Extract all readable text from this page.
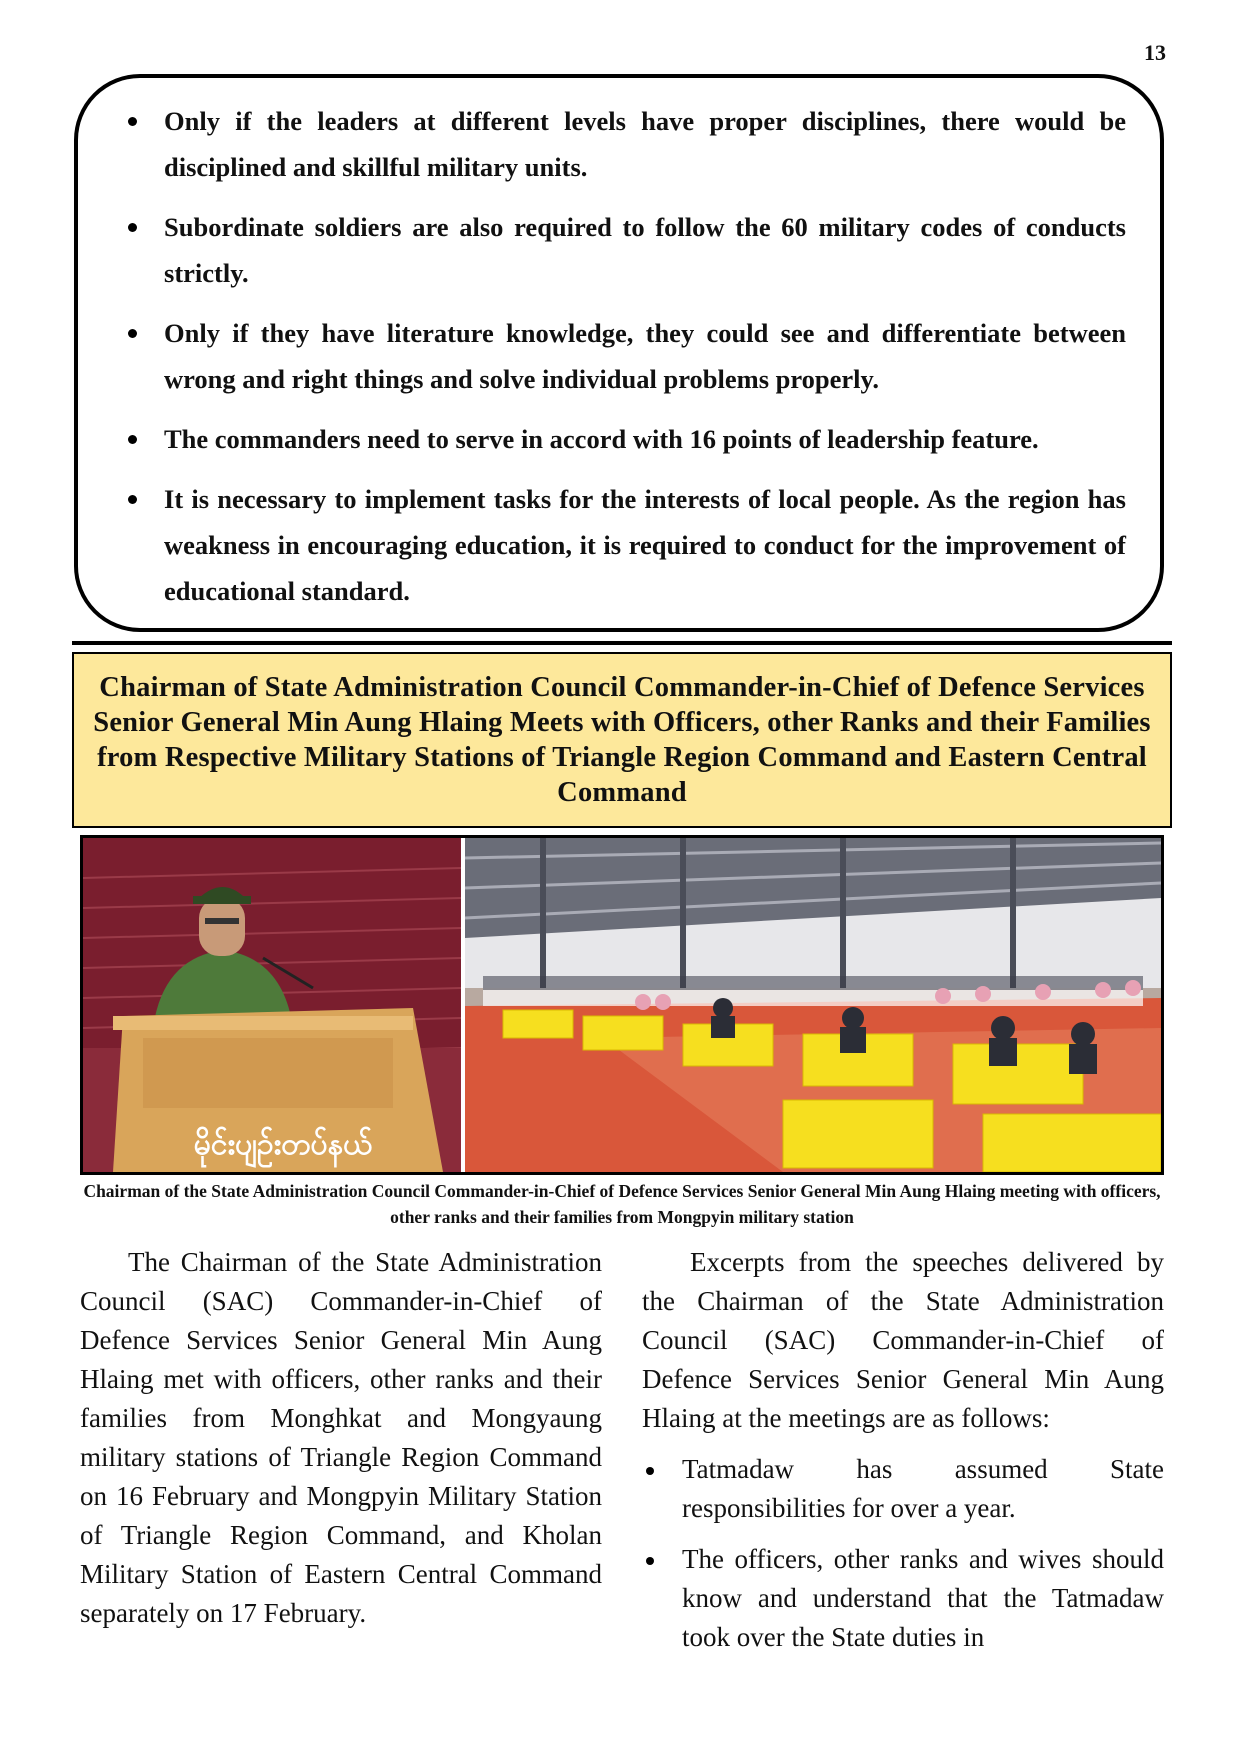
13
Only if the leaders at different levels have proper disciplines, there would be disciplined and skillful military units.
Subordinate soldiers are also required to follow the 60 military codes of conducts strictly.
Only if they have literature knowledge, they could see and differentiate between wrong and right things and solve individual problems properly.
The commanders need to serve in accord with 16 points of leadership feature.
It is necessary to implement tasks for the interests of local people. As the region has weakness in encouraging education, it is required to conduct for the improvement of educational standard.
Chairman of State Administration Council Commander-in-Chief of Defence Services Senior General Min Aung Hlaing Meets with Officers, other Ranks and their Families from Respective Military Stations of Triangle Region Command and Eastern Central Command
မိုင်းပျဉ်းတပ်နယ်

Chairman of the State Administration Council Commander-in-Chief of Defence Services Senior General Min Aung Hlaing meeting with officers, other ranks and their families from Mongpyin military station

The Chairman of the State Administration Council (SAC) Commander-in-Chief of Defence Services Senior General Min Aung Hlaing met with officers, other ranks and their families from Monghkat and Mongyaung military stations of Triangle Region Command on 16 February and Mongpyin Military Station of Triangle Region Command, and Kholan Military Station of Eastern Central Command separately on 17 February.

Excerpts from the speeches delivered by the Chairman of the State Administration Council (SAC) Commander-in-Chief of Defence Services Senior General Min Aung Hlaing at the meetings are as follows:

Tatmadaw has assumed State responsibilities for over a year.
The officers, other ranks and wives should know and understand that the Tatmadaw took over the State duties in
